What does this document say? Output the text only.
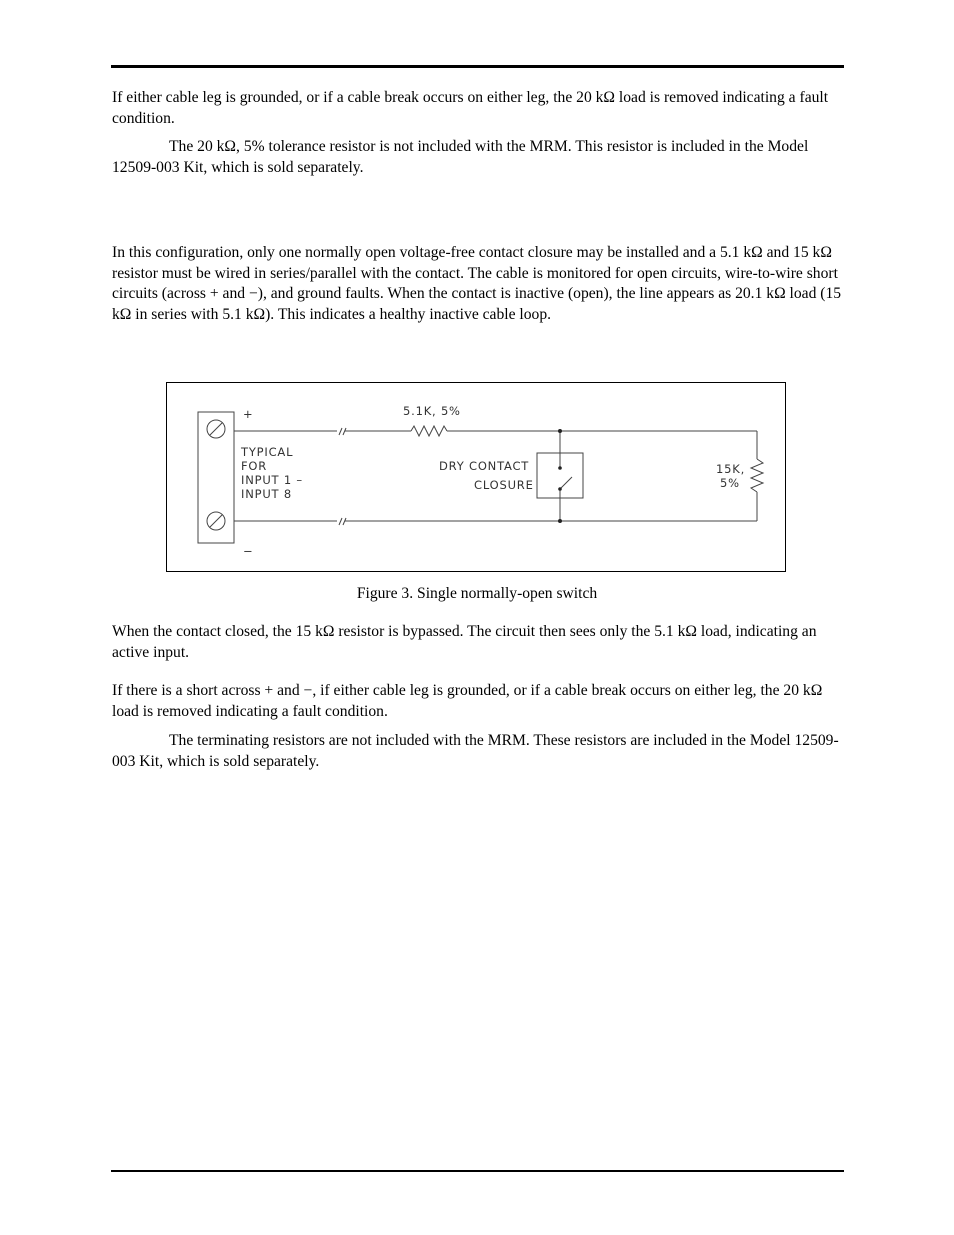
If either cable leg is grounded, or if a cable break occurs on either leg, the 20 kΩ load is removed indicating a fault condition.

The 20 kΩ, 5% tolerance resistor is not included with the MRM. This resistor is included in the Model 12509-003 Kit, which is sold separately.

In this configuration, only one normally open voltage-free contact closure may be installed and a 5.1 kΩ and 15 kΩ resistor must be wired in series/parallel with the contact. The cable is monitored for open circuits, wire-to-wire short circuits (across + and −), and ground faults. When the contact is inactive (open), the line appears as 20.1 kΩ load (15 kΩ in series with 5.1 kΩ). This indicates a healthy inactive cable loop.

+
−
TYPICAL
FOR
INPUT 1 –
INPUT 8
5.1K, 5%
DRY CONTACT
CLOSURE
15K,
5%

Figure 3. Single normally-open switch

When the contact closed, the 15 kΩ resistor is bypassed. The circuit then sees only the 5.1 kΩ load, indicating an active input.

If there is a short across + and −, if either cable leg is grounded, or if a cable break occurs on either leg, the 20 kΩ load is removed indicating a fault condition.

The terminating resistors are not included with the MRM. These resistors are included in the Model 12509-003 Kit, which is sold separately.
